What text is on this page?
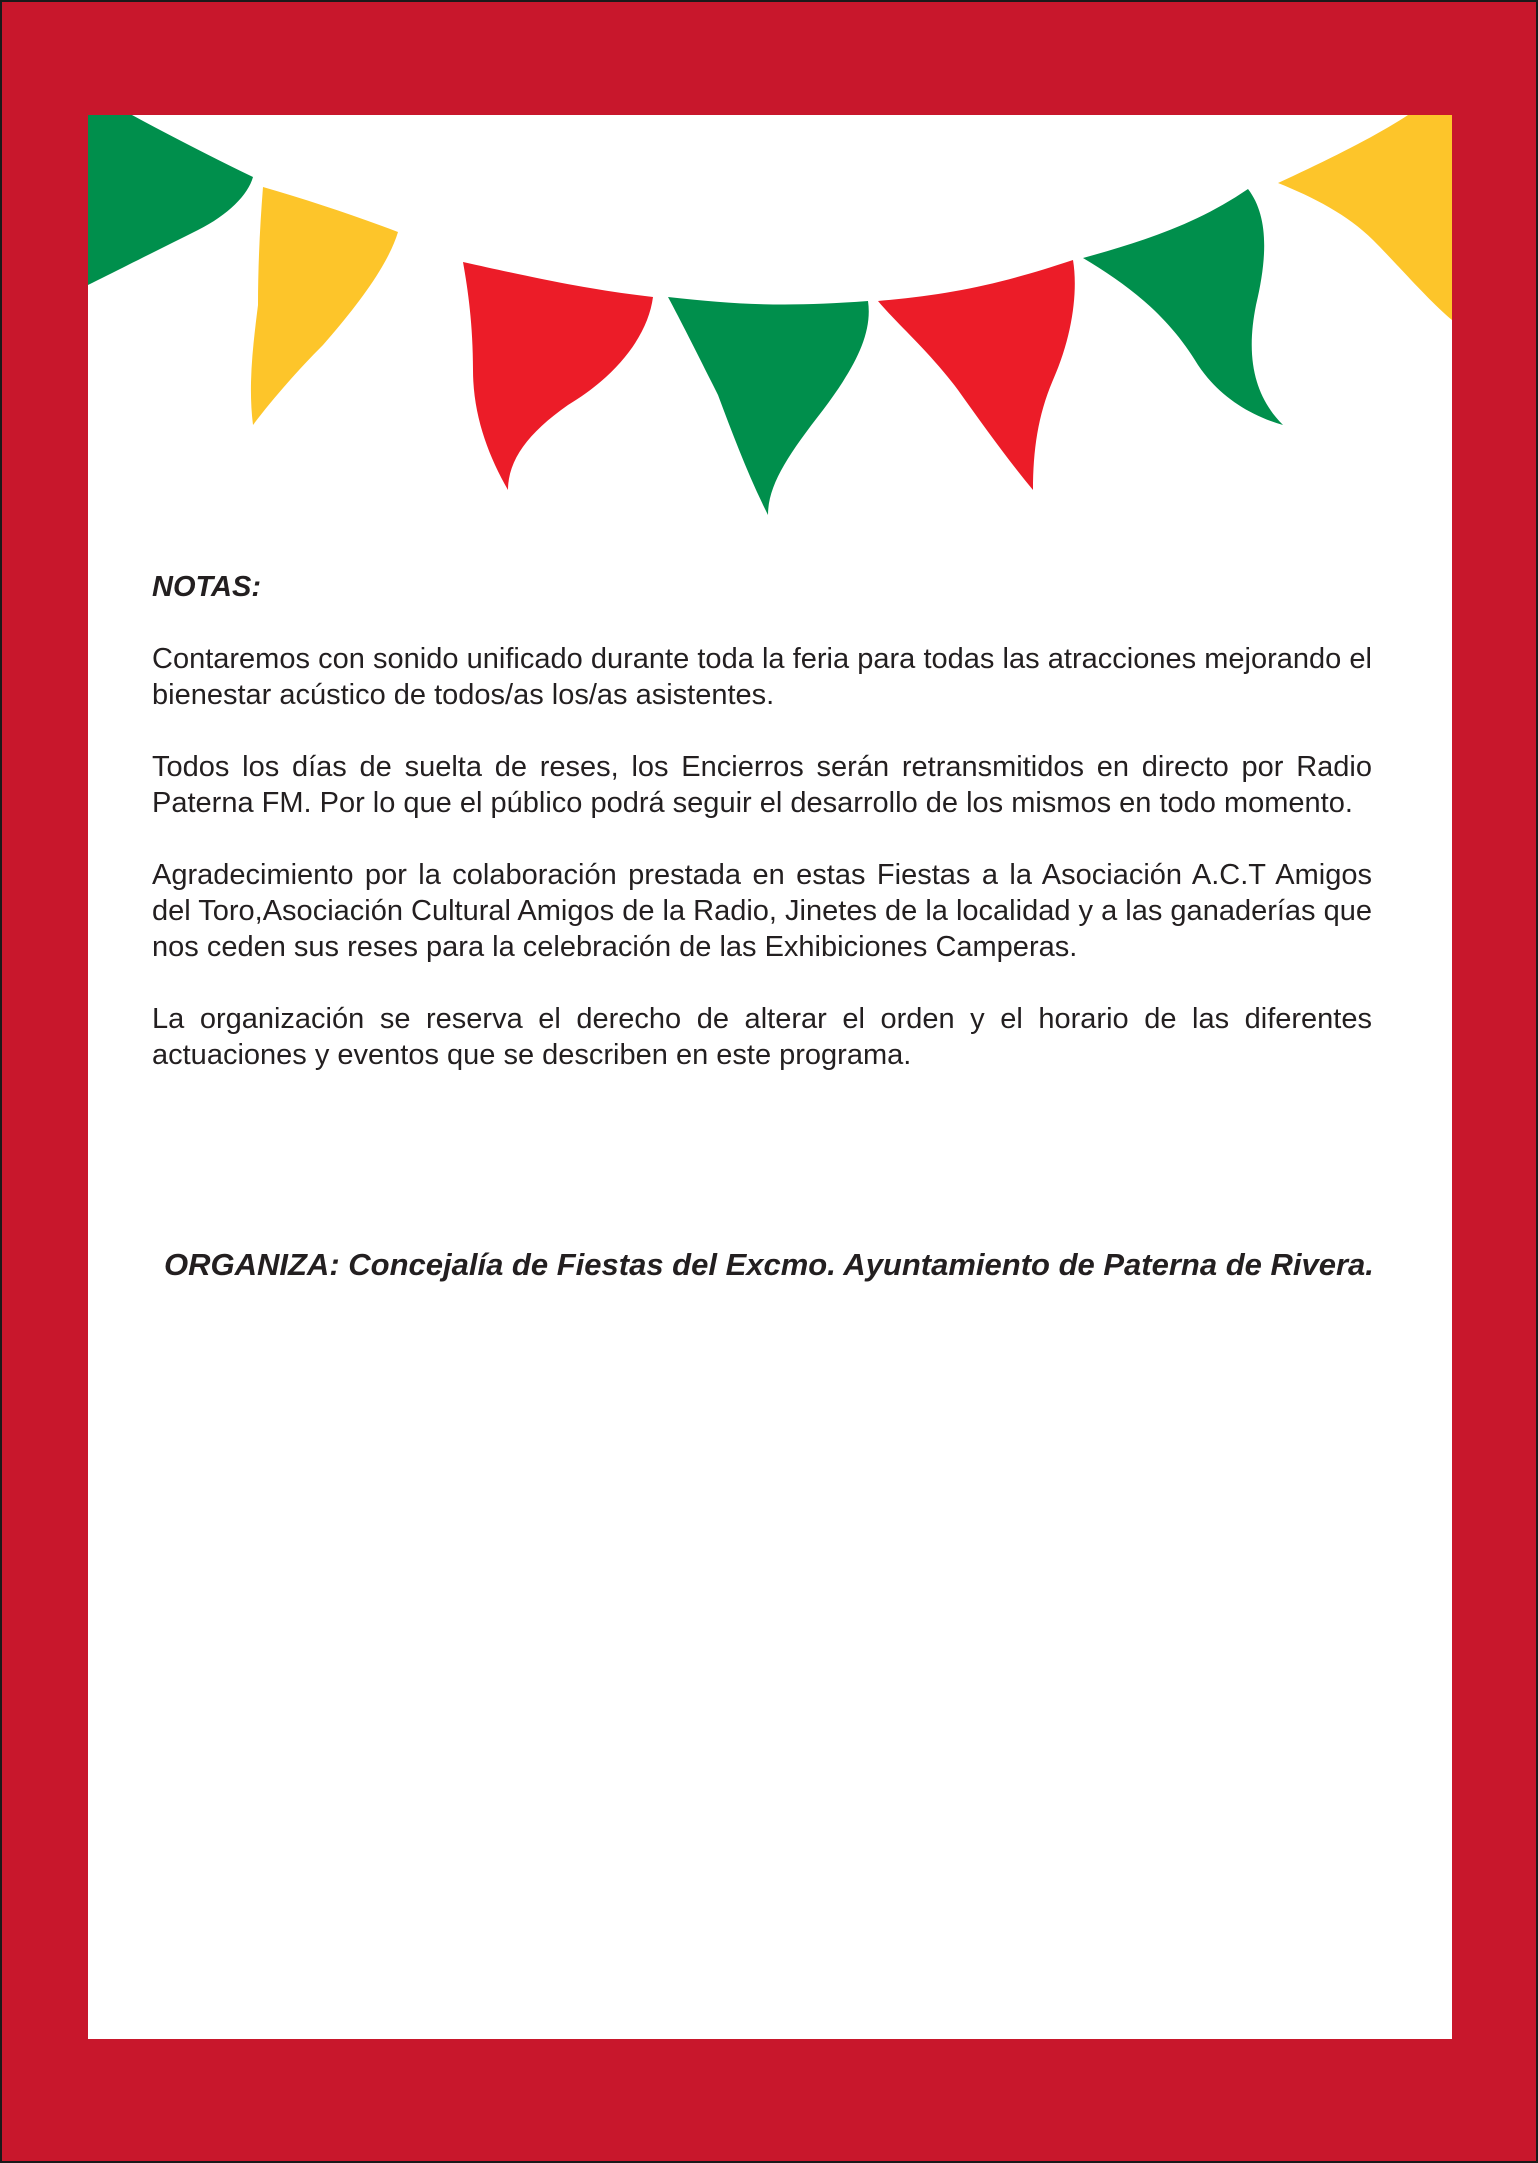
NOTAS:

Contaremos con sonido unificado durante toda la feria para todas las atracciones mejorando el bienestar acústico de todos/as los/as asistentes.

Todos los días de suelta de reses, los Encierros serán retransmitidos en directo por Radio Paterna FM. Por lo que el público podrá seguir el desarrollo de los mismos en todo momento.

Agradecimiento por la colaboración prestada en estas Fiestas a la Asociación A.C.T Amigos del Toro,Asociación Cultural Amigos de la Radio, Jinetes de la localidad y a las ganaderías que nos ceden sus reses para la celebración de las Exhibiciones Camperas.

La organización se reserva el derecho de alterar el orden y el horario de las diferentes actuaciones y eventos que se describen en este programa.

ORGANIZA: Concejalía de Fiestas del Excmo. Ayuntamiento de Paterna de Rivera.
